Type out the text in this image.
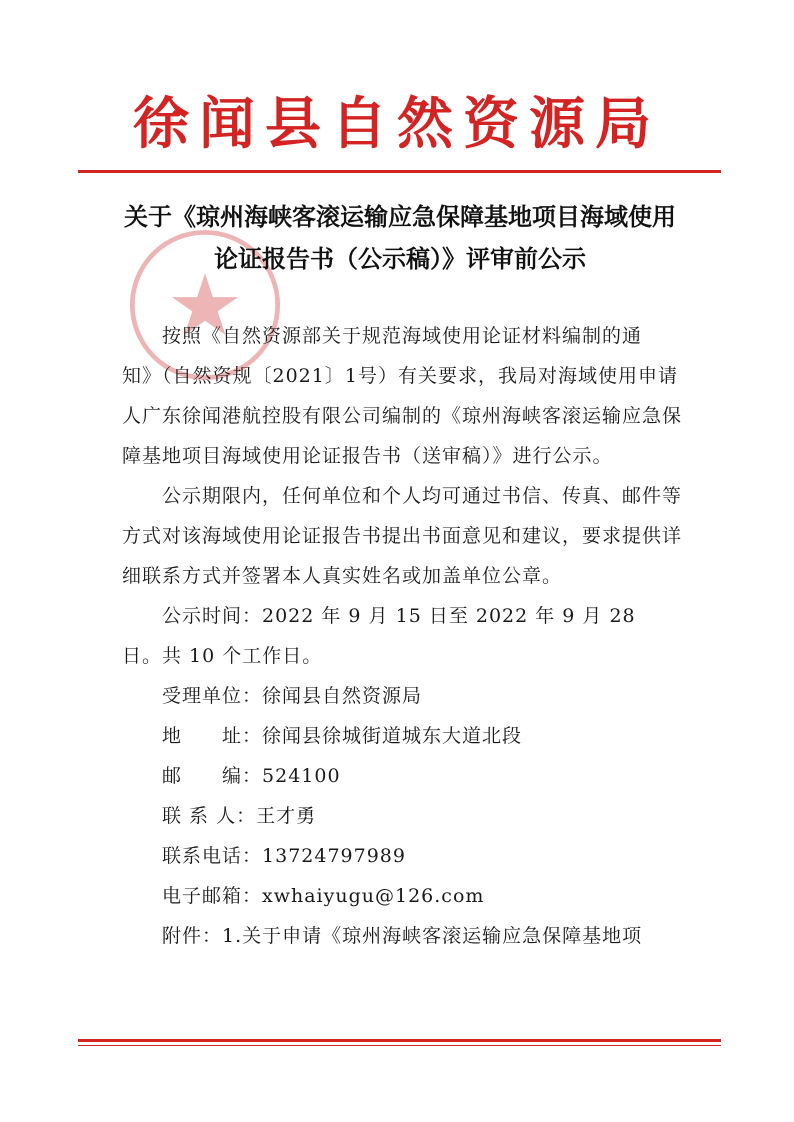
徐闻县自然资源局
关于《琼州海峡客滚运输应急保障基地项目海域使用
论证报告书（公示稿）》评审前公示

按照《自然资源部关于规范海域使用论证材料编制的通知》（自然资规〔2021〕1号）有关要求，我局对海域使用申请人广东徐闻港航控股有限公司编制的《琼州海峡客滚运输应急保障基地项目海域使用论证报告书（送审稿）》进行公示。

公示期限内，任何单位和个人均可通过书信、传真、邮件等方式对该海域使用论证报告书提出书面意见和建议，要求提供详细联系方式并签署本人真实姓名或加盖单位公章。

公示时间：2022 年 9 月 15 日至 2022 年 9 月 28 日。共 10 个工作日。

受理单位：徐闻县自然资源局

地　　址：徐闻县徐城街道城东大道北段

邮　　编：524100

联 系 人：王才勇

联系电话：13724797989

电子邮箱：xwhaiyugu@126.com

附件：1.关于申请《琼州海峡客滚运输应急保障基地项
